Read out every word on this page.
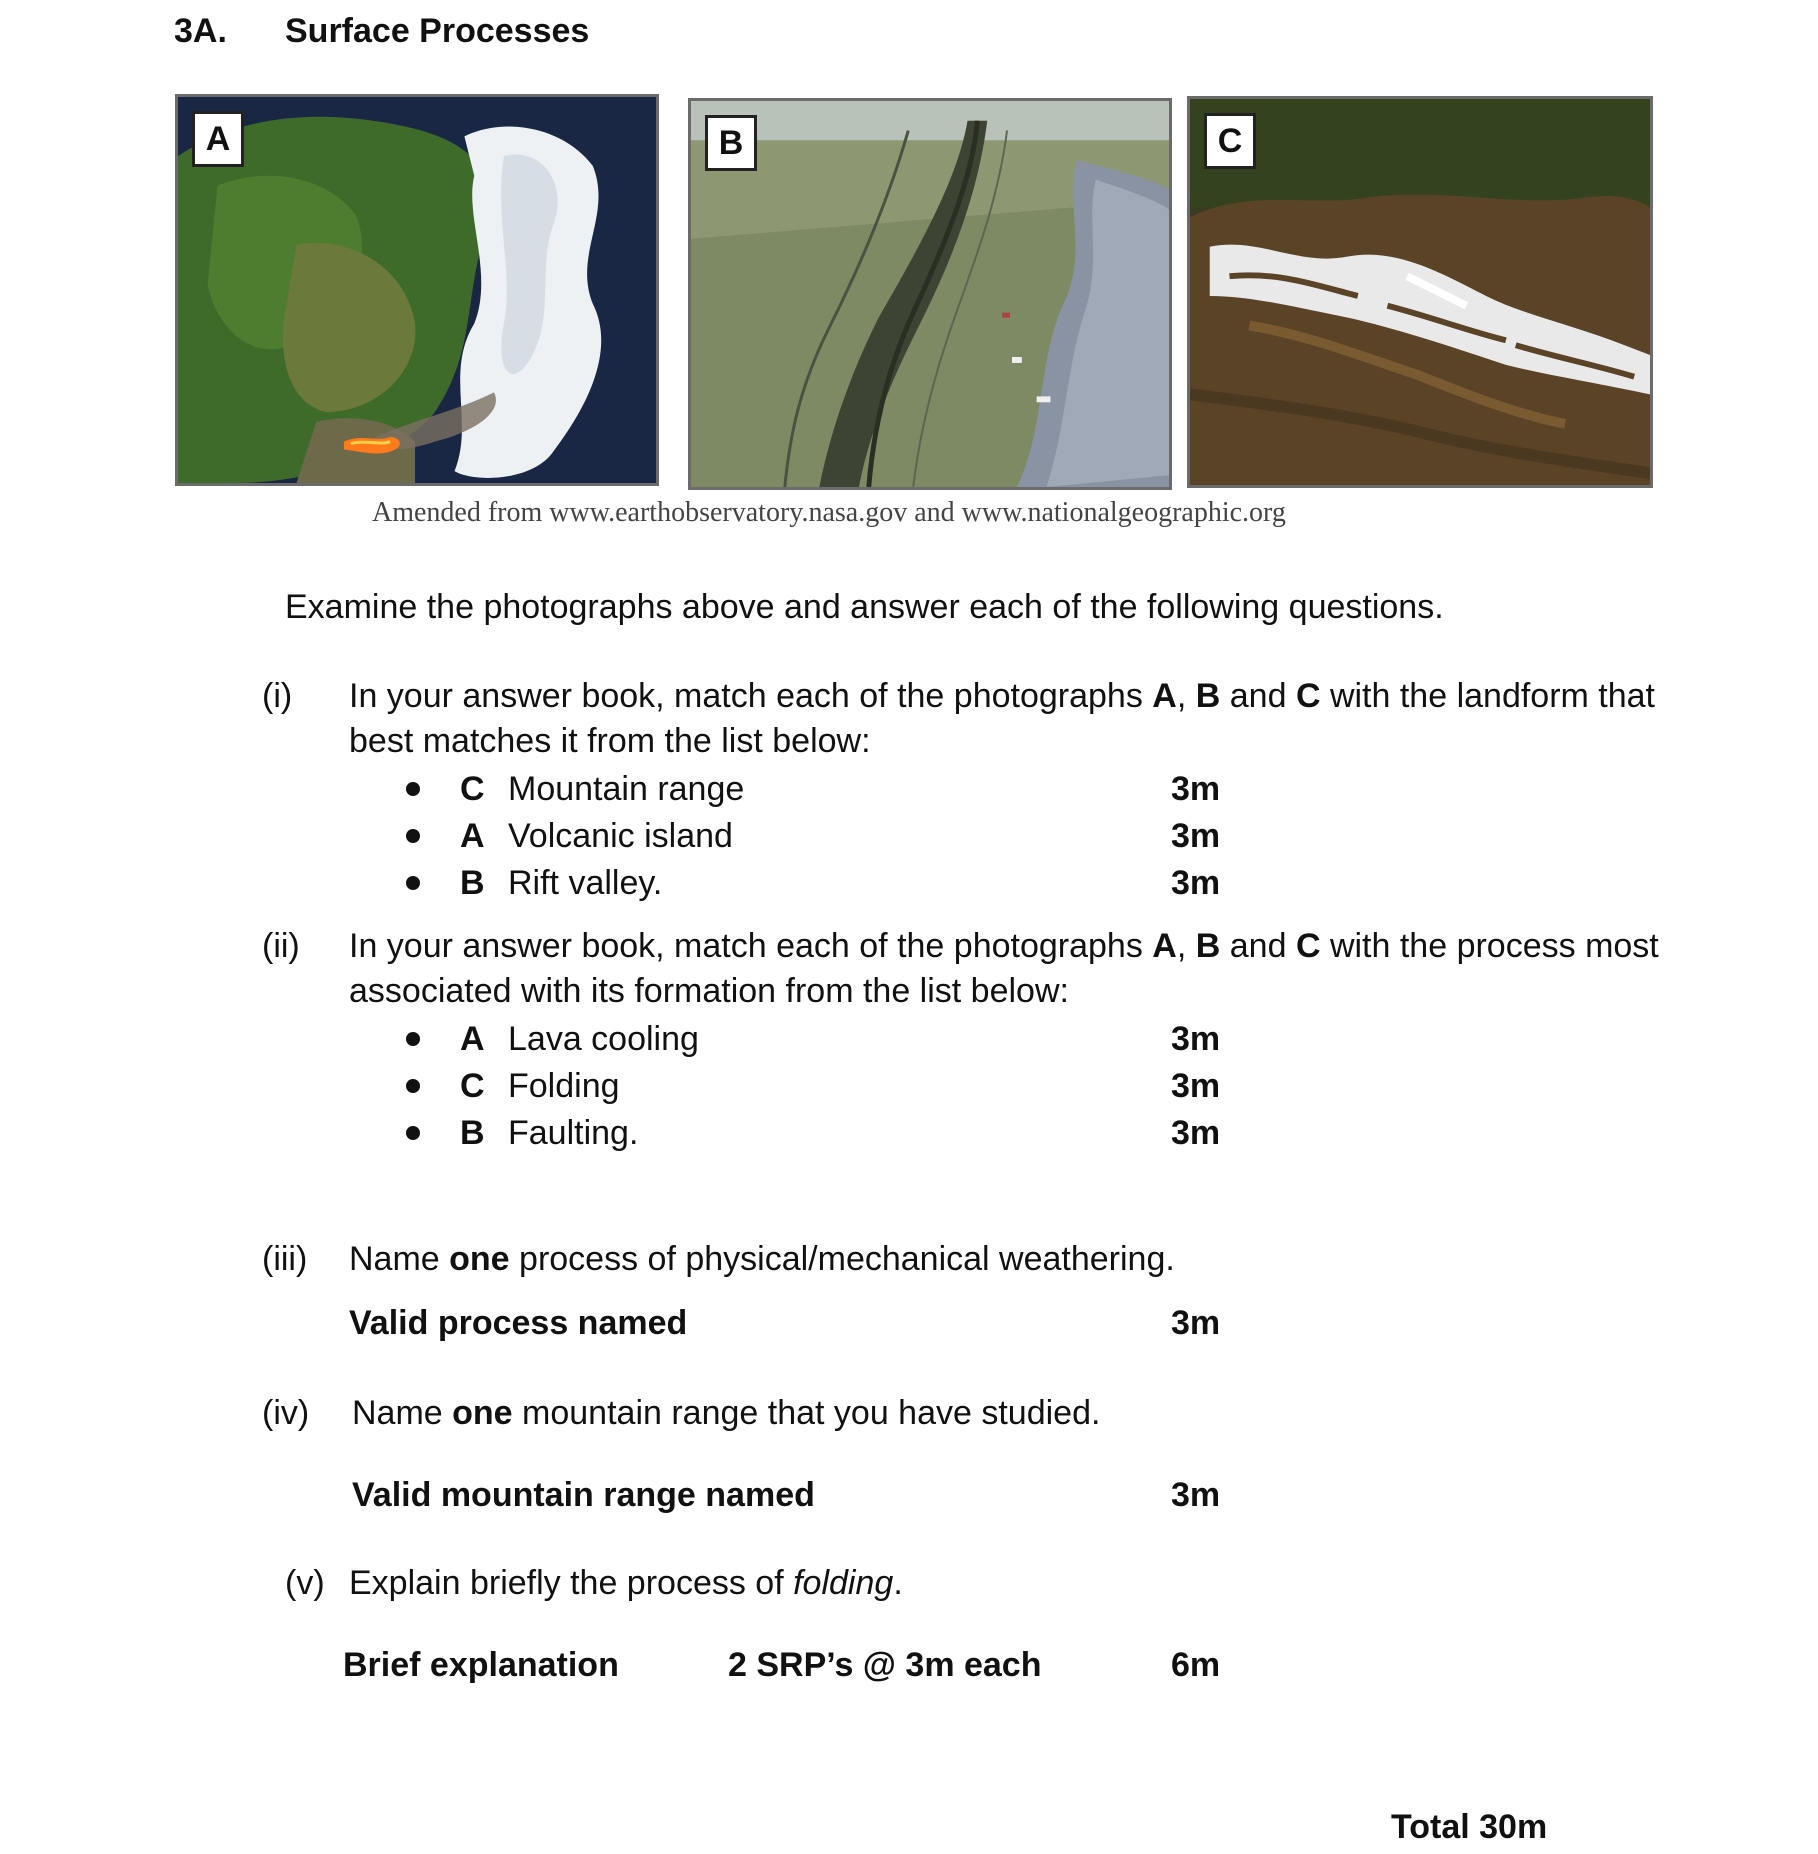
3A. Surface Processes
A	B	C
Amended from www.earthobservatory.nasa.gov and www.nationalgeographic.org
Examine the photographs above and answer each of the following questions.
(i) In your answer book, match each of the photographs A, B and C with the landform that best matches it from the list below:
C Mountain range	3m
A Volcanic island	3m
B Rift valley.	3m
(ii) In your answer book, match each of the photographs A, B and C with the process most associated with its formation from the list below:
A Lava cooling	3m
C Folding	3m
B Faulting.	3m
(iii) Name one process of physical/mechanical weathering.
Valid process named	3m
(iv) Name one mountain range that you have studied.
Valid mountain range named	3m
(v) Explain briefly the process of folding.
Brief explanation	2 SRP’s @ 3m each	6m
Total 30m
